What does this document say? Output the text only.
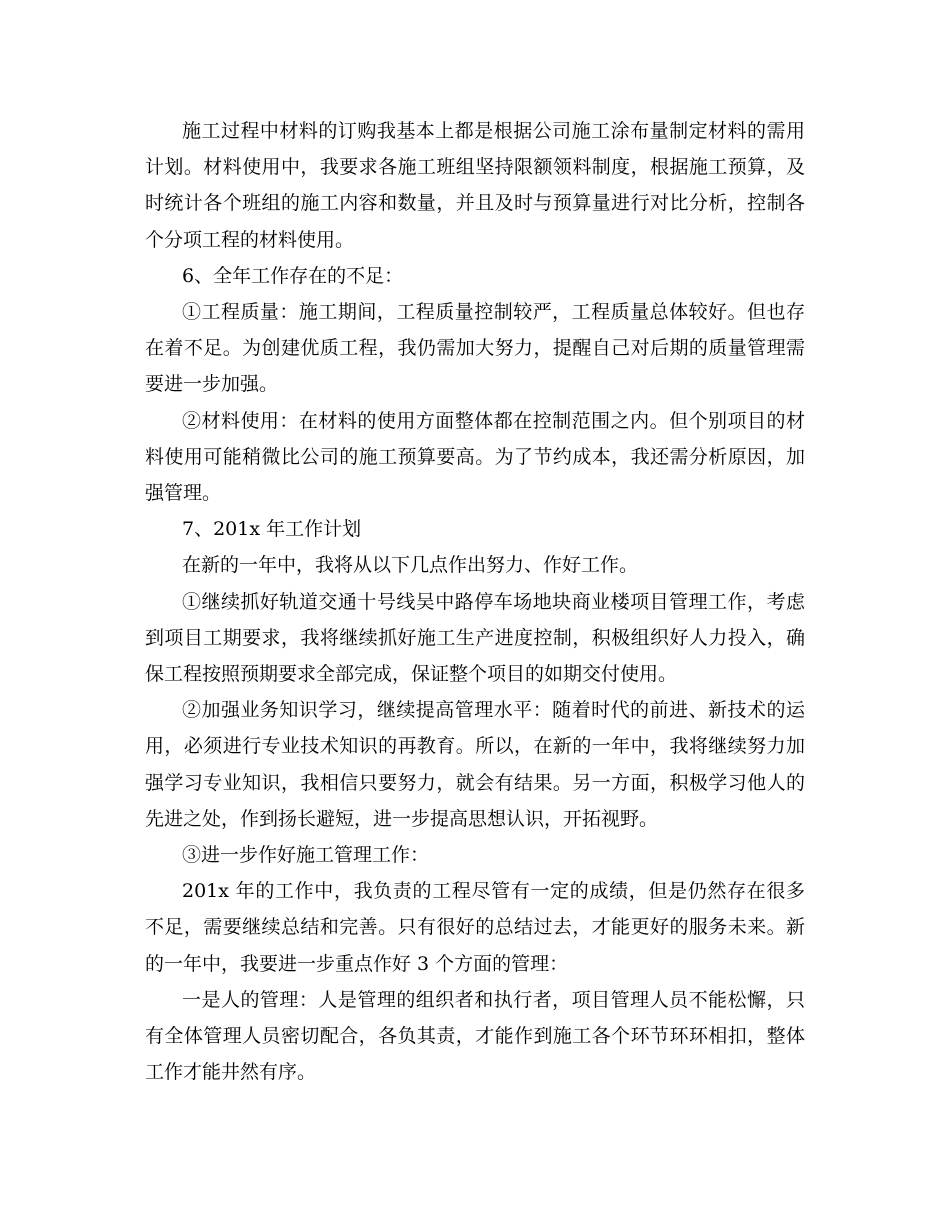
施工过程中材料的订购我基本上都是根据公司施工涂布量制定材料的需用计划。材料使用中，我要求各施工班组坚持限额领料制度，根据施工预算，及时统计各个班组的施工内容和数量，并且及时与预算量进行对比分析，控制各个分项工程的材料使用。

6、全年工作存在的不足：

①工程质量：施工期间，工程质量控制较严，工程质量总体较好。但也存在着不足。为创建优质工程，我仍需加大努力，提醒自己对后期的质量管理需要进一步加强。

②材料使用：在材料的使用方面整体都在控制范围之内。但个别项目的材料使用可能稍微比公司的施工预算要高。为了节约成本，我还需分析原因，加强管理。

7、201x 年工作计划

在新的一年中，我将从以下几点作出努力、作好工作。

①继续抓好轨道交通十号线吴中路停车场地块商业楼项目管理工作，考虑到项目工期要求，我将继续抓好施工生产进度控制，积极组织好人力投入，确保工程按照预期要求全部完成，保证整个项目的如期交付使用。

②加强业务知识学习，继续提高管理水平：随着时代的前进、新技术的运用，必须进行专业技术知识的再教育。所以，在新的一年中，我将继续努力加强学习专业知识，我相信只要努力，就会有结果。另一方面，积极学习他人的先进之处，作到扬长避短，进一步提高思想认识，开拓视野。

③进一步作好施工管理工作：

201x 年的工作中，我负责的工程尽管有一定的成绩，但是仍然存在很多不足，需要继续总结和完善。只有很好的总结过去，才能更好的服务未来。新的一年中，我要进一步重点作好 3 个方面的管理：

一是人的管理：人是管理的组织者和执行者，项目管理人员不能松懈，只有全体管理人员密切配合，各负其责，才能作到施工各个环节环环相扣，整体工作才能井然有序。
